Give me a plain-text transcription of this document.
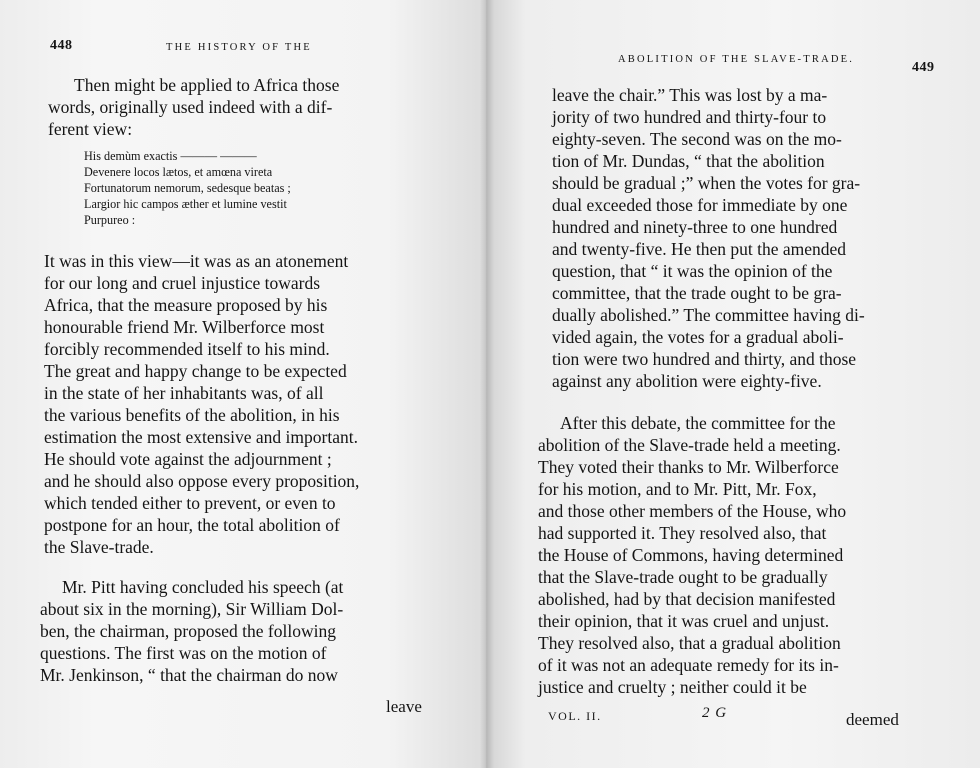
448	THE HISTORY OF THE
Then might be applied to Africa those
words, originally used indeed with a dif-
ferent view:
His demùm exactis ——— ———
Devenere locos lætos, et amœna vireta
Fortunatorum nemorum, sedesque beatas ;
Largior hic campos æther et lumine vestit
Purpureo :
It was in this view—it was as an atonement
for our long and cruel injustice towards
Africa, that the measure proposed by his
honourable friend Mr. Wilberforce most
forcibly recommended itself to his mind.
The great and happy change to be expected
in the state of her inhabitants was, of all
the various benefits of the abolition, in his
estimation the most extensive and important.
He should vote against the adjournment ;
and he should also oppose every proposition,
which tended either to prevent, or even to
postpone for an hour, the total abolition of
the Slave-trade.
Mr. Pitt having concluded his speech (at
about six in the morning), Sir William Dol-
ben, the chairman, proposed the following
questions. The first was on the motion of
Mr. Jenkinson, “ that the chairman do now
leave
ABOLITION OF THE SLAVE-TRADE.
449
leave the chair.” This was lost by a ma-
jority of two hundred and thirty-four to
eighty-seven. The second was on the mo-
tion of Mr. Dundas, “ that the abolition
should be gradual ;” when the votes for gra-
dual exceeded those for immediate by one
hundred and ninety-three to one hundred
and twenty-five. He then put the amended
question, that “ it was the opinion of the
committee, that the trade ought to be gra-
dually abolished.” The committee having di-
vided again, the votes for a gradual aboli-
tion were two hundred and thirty, and those
against any abolition were eighty-five.
After this debate, the committee for the
abolition of the Slave-trade held a meeting.
They voted their thanks to Mr. Wilberforce
for his motion, and to Mr. Pitt, Mr. Fox,
and those other members of the House, who
had supported it. They resolved also, that
the House of Commons, having determined
that the Slave-trade ought to be gradually
abolished, had by that decision manifested
their opinion, that it was cruel and unjust.
They resolved also, that a gradual abolition
of it was not an adequate remedy for its in-
justice and cruelty ; neither could it be
VOL. II.	2 G	deemed
